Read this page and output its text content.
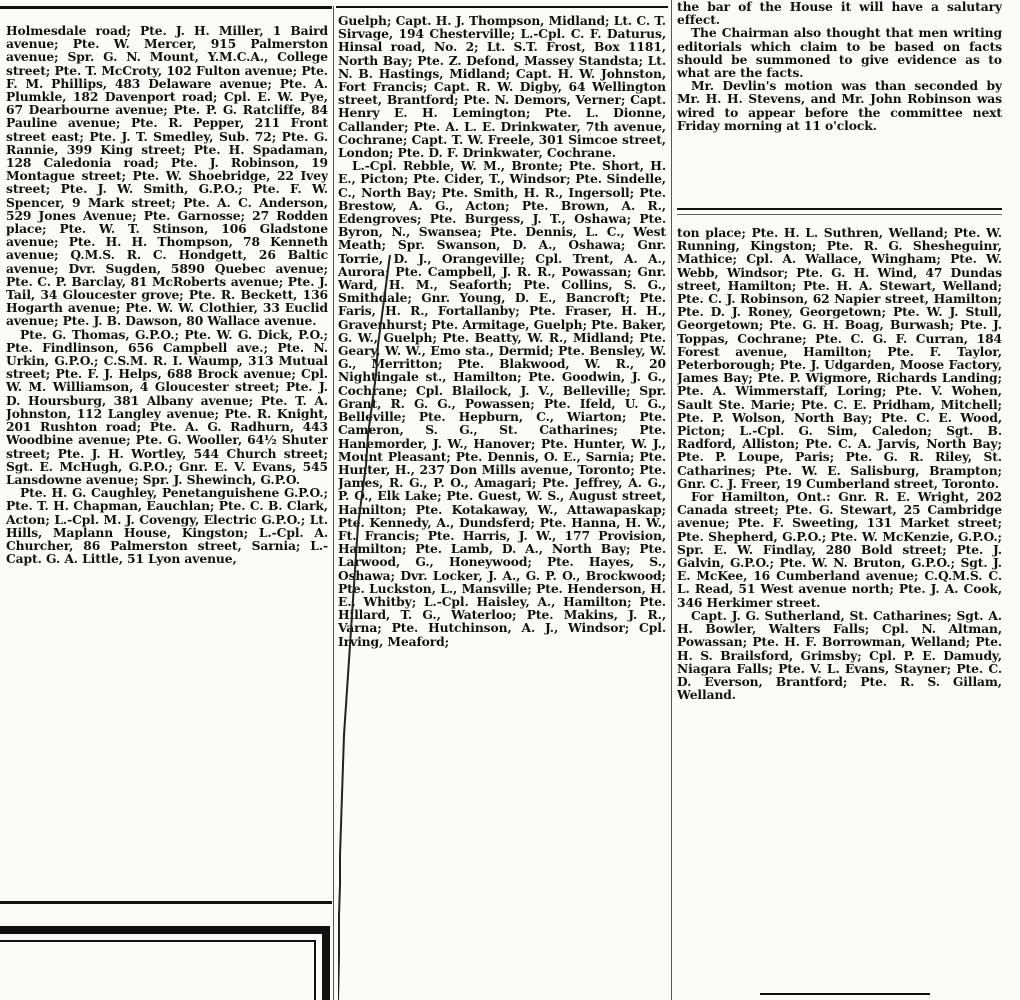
Holmesdale road; Pte. J. H. Miller, 1 Baird avenue; Pte. W. Mercer, 915 Palmerston avenue; Spr. G. N. Mount, Y.M.C.A., College street; Pte. T. McCroty, 102 Fulton avenue; Pte. F. M. Phillips, 483 Delaware avenue; Pte. A. Plumkle, 182 Davenport road; Cpl. E. W. Pye, 67 Dearbourne avenue; Pte. P. G. Ratcliffe, 84 Pauline avenue; Pte. R. Pepper, 211 Front street east; Pte. J. T. Smedley, Sub. 72; Pte. G. Rannie, 399 King street; Pte. H. Spadaman, 128 Caledonia road; Pte. J. Robinson, 19 Montague street; Pte. W. Shoebridge, 22 Ivey street; Pte. J. W. Smith, G.P.O.; Pte. F. W. Spencer, 9 Mark street; Pte. A. C. Anderson, 529 Jones Avenue; Pte. Garnosse; 27 Rodden place; Pte. W. T. Stinson, 106 Gladstone avenue; Pte. H. H. Thompson, 78 Kenneth avenue; Q.M.S. R. C. Hondgett, 26 Baltic avenue; Dvr. Sugden, 5890 Quebec avenue; Pte. C. P. Barclay, 81 McRoberts avenue; Pte. J. Tail, 34 Gloucester grove; Pte. R. Beckett, 136 Hogarth avenue; Pte. W. W. Clothier, 33 Euclid avenue; Pte. J. B. Dawson, 80 Wallace avenue.

Pte. G. Thomas, G.P.O.; Pte. W. G. Dick, P.O.; Pte. Findlinson, 656 Campbell ave.; Pte. N. Urkin, G.P.O.; C.S.M. R. I. Waump, 313 Mutual street; Pte. F. J. Helps, 688 Brock avenue; Cpl. W. M. Williamson, 4 Gloucester street; Pte. J. D. Hoursburg, 381 Albany avenue; Pte. T. A. Johnston, 112 Langley avenue; Pte. R. Knight, 201 Rushton road; Pte. A. G. Radhurn, 443 Woodbine avenue; Pte. G. Wooller, 64½ Shuter street; Pte. J. H. Wortley, 544 Church street; Sgt. E. McHugh, G.P.O.; Gnr. E. V. Evans, 545 Lansdowne avenue; Spr. J. Shewinch, G.P.O.

Pte. H. G. Caughley, Penetanguishene G.P.O.; Pte. T. H. Chapman, Eauchlan; Pte. C. B. Clark, Acton; L.-Cpl. M. J. Covengy, Electric G.P.O.; Lt. Hills, Maplann House, Kingston; L.-Cpl. A. Churcher, 86 Palmerston street, Sarnia; L.-Capt. G. A. Little, 51 Lyon avenue,

Guelph; Capt. H. J. Thompson, Midland; Lt. C. T. Sirvage, 194 Chesterville; L.-Cpl. C. F. Daturus, Hinsal road, No. 2; Lt. S.T. Frost, Box 1181, North Bay; Pte. Z. Defond, Massey Standsta; Lt. N. B. Hastings, Midland; Capt. H. W. Johnston, Fort Francis; Capt. R. W. Digby, 64 Wellington street, Brantford; Pte. N. Demors, Verner; Capt. Henry E. H. Lemington; Pte. L. Dionne, Callander; Pte. A. L. E. Drinkwater, 7th avenue, Cochrane; Capt. T. W. Freele, 301 Simcoe street, London; Pte. D. F. Drinkwater, Cochrane.

L.-Cpl. Rebble, W. M., Bronte; Pte. Short, H. E., Picton; Pte. Cider, T., Windsor; Pte. Sindelle, C., North Bay; Pte. Smith, H. R., Ingersoll; Pte. Brestow, A. G., Acton; Pte. Brown, A. R., Edengroves; Pte. Burgess, J. T., Oshawa; Pte. Byron, N., Swansea; Pte. Dennis, L. C., West Meath; Spr. Swanson, D. A., Oshawa; Gnr. Torrie, D. J., Orangeville; Cpl. Trent, A. A., Aurora; Pte. Campbell, J. R. R., Powassan; Gnr. Ward, H. M., Seaforth; Pte. Collins, S. G., Smithdale; Gnr. Young, D. E., Bancroft; Pte. Faris, H. R., Fortallanby; Pte. Fraser, H. H., Gravenhurst; Pte. Armitage, Guelph; Pte. Baker, G. W., Guelph; Pte. Beatty, W. R., Midland; Pte. Geary, W. W., Emo sta., Dermid; Pte. Bensley, W. G., Merritton; Pte. Blakwood, W. R., 20 Nightingale st., Hamilton; Pte. Goodwin, J. G., Cochrane; Cpl. Blailock, J. V., Belleville; Spr. Grant, R. G. G., Powassen; Pte. Ifeld, U. G., Belleville; Pte. Hepburn, C., Wiarton; Pte. Cameron, S. G., St. Catharines; Pte. Hanemorder, J. W., Hanover; Pte. Hunter, W. J., Mount Pleasant; Pte. Dennis, O. E., Sarnia; Pte. Hunter, H., 237 Don Mills avenue, Toronto; Pte. James, R. G., P. O., Amagari; Pte. Jeffrey, A. G., P. O., Elk Lake; Pte. Guest, W. S., August street, Hamilton; Pte. Kotakaway, W., Attawapaskap; Pte. Kennedy, A., Dundsferd; Pte. Hanna, H. W., Ft. Francis; Pte. Harris, J. W., 177 Provision, Hamilton; Pte. Lamb, D. A., North Bay; Pte. Larwood, G., Honeywood; Pte. Hayes, S., Oshawa; Dvr. Locker, J. A., G. P. O., Brockwood; Pte. Luckston, L., Mansville; Pte. Henderson, H. E., Whitby; L.-Cpl. Haisley, A., Hamilton; Pte. Hillard, T. G., Waterloo; Pte. Makins, J. R., Varna; Pte. Hutchinson, A. J., Windsor; Cpl. Irving, Meaford;

the bar of the House it will have a salutary effect.

The Chairman also thought that men writing editorials which claim to be based on facts should be summoned to give evidence as to what are the facts.

Mr. Devlin's motion was than seconded by Mr. H. H. Stevens, and Mr. John Robinson was wired to appear before the committee next Friday morning at 11 o'clock.

ton place; Pte. H. L. Suthren, Welland; Pte. W. Running, Kingston; Pte. R. G. Shesheguinr, Mathice; Cpl. A. Wallace, Wingham; Pte. W. Webb, Windsor; Pte. G. H. Wind, 47 Dundas street, Hamilton; Pte. H. A. Stewart, Welland; Pte. C. J. Robinson, 62 Napier street, Hamilton; Pte. D. J. Roney, Georgetown; Pte. W. J. Stull, Georgetown; Pte. G. H. Boag, Burwash; Pte. J. Toppas, Cochrane; Pte. C. G. F. Curran, 184 Forest avenue, Hamilton; Pte. F. Taylor, Peterborough; Pte. J. Udgarden, Moose Factory, James Bay; Pte. P. Wigmore, Richards Landing; Pte. A. Wimmerstaff, Loring; Pte. V. Wohen, Sault Ste. Marie; Pte. C. E. Pridham, Mitchell; Pte. P. Wolson, North Bay; Pte. C. E. Wood, Picton; L.-Cpl. G. Sim, Caledon; Sgt. B. Radford, Alliston; Pte. C. A. Jarvis, North Bay; Pte. P. Loupe, Paris; Pte. G. R. Riley, St. Catharines; Pte. W. E. Salisburg, Brampton; Gnr. C. J. Freer, 19 Cumberland street, Toronto.

For Hamilton, Ont.: Gnr. R. E. Wright, 202 Canada street; Pte. G. Stewart, 25 Cambridge avenue; Pte. F. Sweeting, 131 Market street; Pte. Shepherd, G.P.O.; Pte. W. McKenzie, G.P.O.; Spr. E. W. Findlay, 280 Bold street; Pte. J. Galvin, G.P.O.; Pte. W. N. Bruton, G.P.O.; Sgt. J. E. McKee, 16 Cumberland avenue; C.Q.M.S. C. L. Read, 51 West avenue north; Pte. J. A. Cook, 346 Herkimer street.

Capt. J. G. Sutherland, St. Catharines; Sgt. A. H. Bowler, Walters Falls; Cpl. N. Altman, Powassan; Pte. H. F. Borrowman, Welland; Pte. H. S. Brailsford, Grimsby; Cpl. P. E. Damudy, Niagara Falls; Pte. V. L. Evans, Stayner; Pte. C. D. Everson, Brantford; Pte. R. S. Gillam, Welland.
